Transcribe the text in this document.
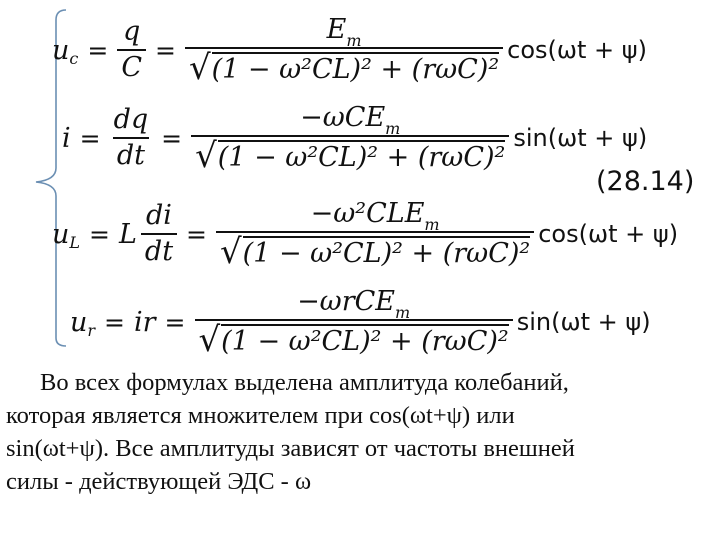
u $c = \frac{q}{C} = \frac{E_m}{\text{√ (1 − ω²CL)² + (rωC)²}} \cos(\omega t + \psi)$
$i = \frac{dq}{dt} = \frac{-\omega CE_m}{\text{√ (1 − ω²CL)² + (rωC)²}} \sin(\omega t + \psi)$
(28.14)
u L = L $\frac{di}{dt} = \frac{-\omega^2CLE_m}{\text{√ (1 − ω²CL)² + (rωC)²}} \cos(\omega t + \psi)$
u r = ir = $\frac{-\omega rCE_m}{\text{√ (1 − ω²CL)² + (rωC)²}} \sin(\omega t + \psi)$

Во всех формулах выделена амплитуда колебаний,

которая является множителем при cos(ωt+ψ) или

sin(ωt+ψ). Все амплитуды зависят от частоты внешней

силы - действующей ЭДС - ω
